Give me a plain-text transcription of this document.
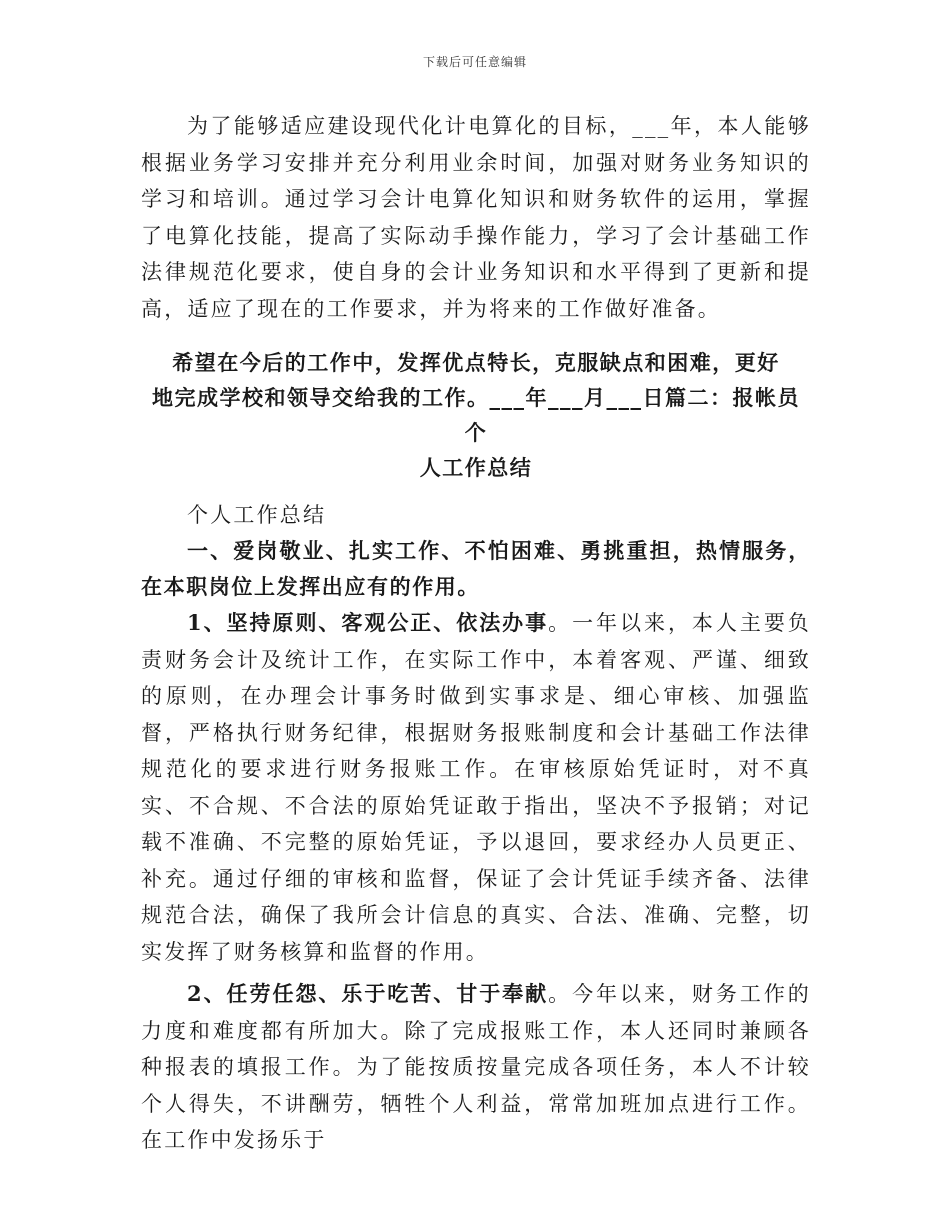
下载后可任意编辑

为了能够适应建设现代化计电算化的目标，___年，本人能够根据业务学习安排并充分利用业余时间，加强对财务业务知识的学习和培训。通过学习会计电算化知识和财务软件的运用，掌握了电算化技能，提高了实际动手操作能力，学习了会计基础工作法律规范化要求，使自身的会计业务知识和水平得到了更新和提高，适应了现在的工作要求，并为将来的工作做好准备。

希望在今后的工作中，发挥优点特长，克服缺点和困难，更好
地完成学校和领导交给我的工作。___年___月___日篇二：报帐员个
人工作总结

个人工作总结

一、爱岗敬业、扎实工作、不怕困难、勇挑重担，热情服务，在本职岗位上发挥出应有的作用。

1、坚持原则、客观公正、依法办事。一年以来，本人主要负责财务会计及统计工作，在实际工作中，本着客观、严谨、细致的原则，在办理会计事务时做到实事求是、细心审核、加强监督，严格执行财务纪律，根据财务报账制度和会计基础工作法律规范化的要求进行财务报账工作。在审核原始凭证时，对不真实、不合规、不合法的原始凭证敢于指出，坚决不予报销；对记载不准确、不完整的原始凭证，予以退回，要求经办人员更正、补充。通过仔细的审核和监督，保证了会计凭证手续齐备、法律规范合法，确保了我所会计信息的真实、合法、准确、完整，切实发挥了财务核算和监督的作用。

2、任劳任怨、乐于吃苦、甘于奉献。今年以来，财务工作的力度和难度都有所加大。除了完成报账工作，本人还同时兼顾各种报表的填报工作。为了能按质按量完成各项任务，本人不计较个人得失，不讲酬劳，牺牲个人利益，常常加班加点进行工作。在工作中发扬乐于
